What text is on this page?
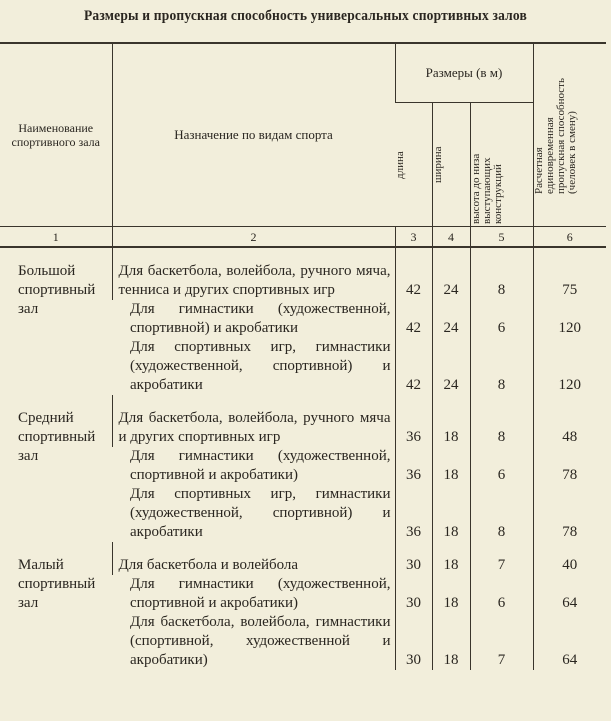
Размеры и пропускная способность универсальных спортивных залов
Наименование спортивного зала	Назначение по видам спорта	Размеры (в м)			Расчетная единовременная пропускная способность (человек в смену)

		длина	ширина	высота до низа выступающих конструкций	

1	2	3	4	5	6

Большой спортивный зал	Для баскетбола, волейбола, ручного мяча, тенниса и других спортивных игр	42	24	8	75
	Для гимнастики (художественной, спортивной) и акробатики	42	24	6	120
	Для спортивных игр, гимнастики (художественной, спортивной) и акробатики	42	24	8	120

Средний спортивный зал	Для баскетбола, волейбола, ручного мяча и других спортивных игр	36	18	8	48
	Для гимнастики (художественной, спортивной и акробатики)	36	18	6	78
	Для спортивных игр, гимнастики (художественной, спортивной) и акробатики	36	18	8	78

Малый спортивный зал	Для баскетбола и волейбола	30	18	7	40
	Для гимнастики (художественной, спортивной и акробатики)	30	18	6	64
	Для баскетбола, волейбола, гимнастики (спортивной, художественной и акробатики)	30	18	7	64
